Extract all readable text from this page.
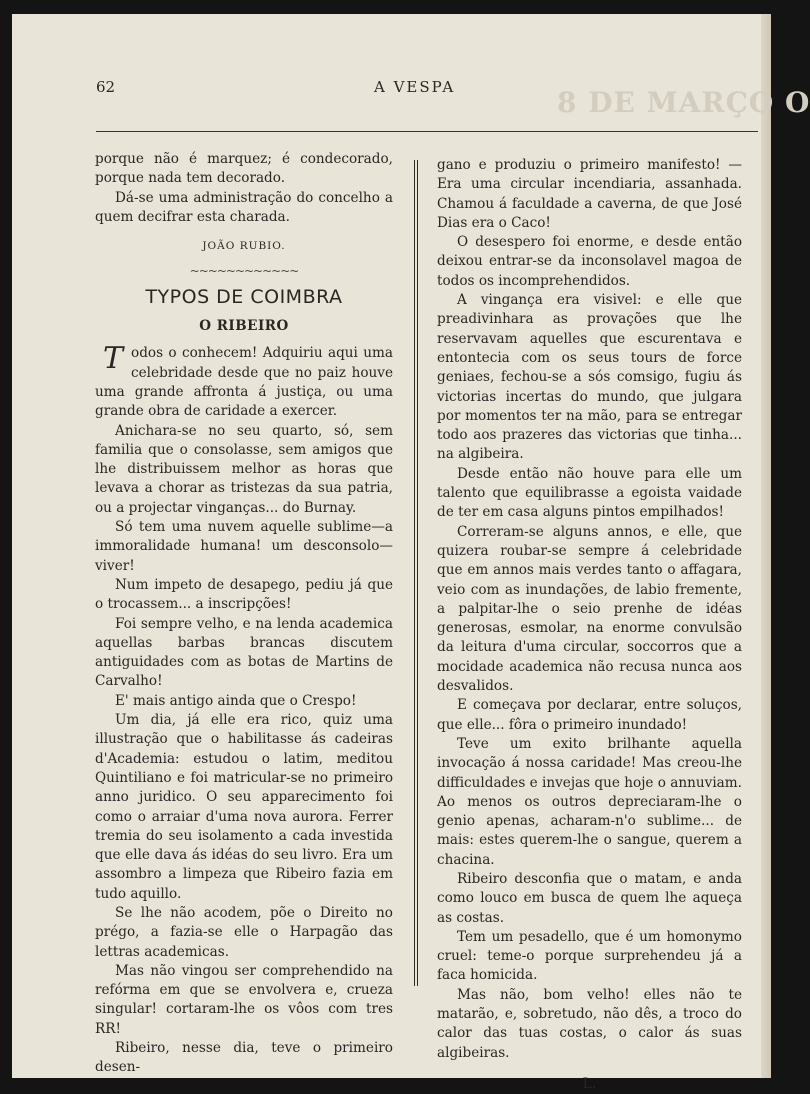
8 DE MARÇO O
62	A VESPA

porque não é marquez; é condecorado, porque nada tem decorado.

Dá-se uma administração do concelho a quem decifrar esta charada.

JOÃO RUBIO.
~~~~~~~~~~~~
TYPOS DE COIMBRA
O RIBEIRO

Todos o conhecem! Adquiriu aqui uma celebridade desde que no paiz houve uma grande affronta á justiça, ou uma grande obra de caridade a exercer.

Anichara-se no seu quarto, só, sem familia que o consolasse, sem amigos que lhe distribuissem melhor as horas que levava a chorar as tristezas da sua patria, ou a projectar vinganças... do Burnay.

Só tem uma nuvem aquelle sublime—a immoralidade humana! um desconsolo—viver!

Num impeto de desapego, pediu já que o trocassem... a inscripções!

Foi sempre velho, e na lenda academica aquellas barbas brancas discutem antiguidades com as botas de Martins de Carvalho!

E' mais antigo ainda que o Crespo!

Um dia, já elle era rico, quiz uma illustração que o habilitasse ás cadeiras d'Academia: estudou o latim, meditou Quintiliano e foi matricular-se no primeiro anno juridico. O seu apparecimento foi como o arraiar d'uma nova aurora. Ferrer tremia do seu isolamento a cada investida que elle dava ás idéas do seu livro. Era um assombro a limpeza que Ribeiro fazia em tudo aquillo.

Se lhe não acodem, põe o Direito no prégo, a fazia-se elle o Harpagão das lettras academicas.

Mas não vingou ser comprehendido na refórma em que se envolvera e, crueza singular! cortaram-lhe os vôos com tres RR!

Ribeiro, nesse dia, teve o primeiro desen-

gano e produziu o primeiro manifesto! — Era uma circular incendiaria, assanhada. Chamou á faculdade a caverna, de que José Dias era o Caco!

O desespero foi enorme, e desde então deixou entrar-se da inconsolavel magoa de todos os incomprehendidos.

A vingança era visivel: e elle que preadivinhara as provações que lhe reservavam aquelles que escurentava e entontecia com os seus tours de force geniaes, fechou-se a sós comsigo, fugiu ás victorias incertas do mundo, que julgara por momentos ter na mão, para se entregar todo aos prazeres das victorias que tinha... na algibeira.

Desde então não houve para elle um talento que equilibrasse a egoista vaidade de ter em casa alguns pintos empilhados!

Correram-se alguns annos, e elle, que quizera roubar-se sempre á celebridade que em annos mais verdes tanto o affagara, veio com as inundações, de labio fremente, a palpitar-lhe o seio prenhe de idéas generosas, esmolar, na enorme convulsão da leitura d'uma circular, soccorros que a mocidade academica não recusa nunca aos desvalidos.

E começava por declarar, entre soluços, que elle... fôra o primeiro inundado!

Teve um exito brilhante aquella invocação á nossa caridade! Mas creou-lhe difficuldades e invejas que hoje o annuviam. Ao menos os outros depreciaram-lhe o genio apenas, acharam-n'o sublime... de mais: estes querem-lhe o sangue, querem a chacina.

Ribeiro desconfia que o matam, e anda como louco em busca de quem lhe aqueça as costas.

Tem um pesadello, que é um homonymo cruel: teme-o porque surprehendeu já a faca homicida.

Mas não, bom velho! elles não te matarão, e, sobretudo, não dês, a troco do calor das tuas costas, o calor ás suas algibeiras.

L.
